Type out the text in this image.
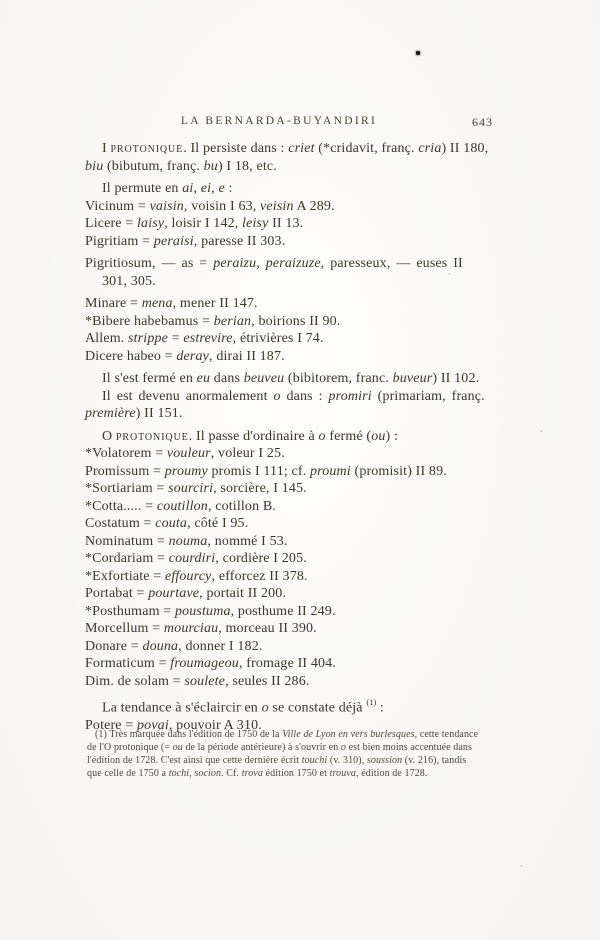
LA BERNARDA-BUYANDIRI	643
I protonique. Il persiste dans : criet (*cridavit, franç. cria) II 180,
biu (bibutum, franç. bu) I 18, etc.
Il permute en ai, ei, e :
Vicinum = vaisin, voisin I 63, veisin A 289.
Licere = laisy, loisir I 142, leisy II 13.
Pigritiam = peraisi, paresse II 303.
Pigritiosum, — as = peraizu, peraizuze, paresseux, — euses II
301, 305.
Minare = mena, mener II 147.
*Bibere habebamus = berian, boirions II 90.
Allem. strippe = estrevire, étrivières I 74.
Dicere habeo = deray, dirai II 187.
Il s'est fermé en eu dans beuveu (bibitorem, franc. buveur) II 102.
Il est devenu anormalement o dans : promiri (primariam, franç.
première) II 151.
O protonique. Il passe d'ordinaire à o fermé (ou) :
*Volatorem = vouleur, voleur I 25.
Promissum = proumy promis I 111; cf. proumi (promisit) II 89.
*Sortiariam = sourciri, sorcière, I 145.
*Cotta..... = coutillon, cotillon B.
Costatum = couta, côté I 95.
Nominatum = nouma, nommé I 53.
*Cordariam = courdiri, cordière I 205.
*Exfortiate = effourcy, efforcez II 378.
Portabat = pourtave, portait II 200.
*Posthumam = poustuma, posthume II 249.
Morcellum = mourciau, morceau II 390.
Donare = douna, donner I 182.
Formaticum = froumageou, fromage II 404.
Dim. de solam = soulete, seules II 286.
La tendance à s'éclaircir en o se constate déjà $^{(1)}$ :
Potere = povai, pouvoir A 310.
(1) Très marquée dans l'édition de 1750 de la Ville de Lyon en vers burlesques, cette tendance
de l'O protonique (= ou de la période antérieure) à s'ouvrir en o est bien moins accentuée dans
l'édition de 1728. C'est ainsi que cette dernière écrit touchi (v. 310), soussion (v. 216), tandis
que celle de 1750 a tochi, socion. Cf. trova édition 1750 et trouva, édition de 1728.
